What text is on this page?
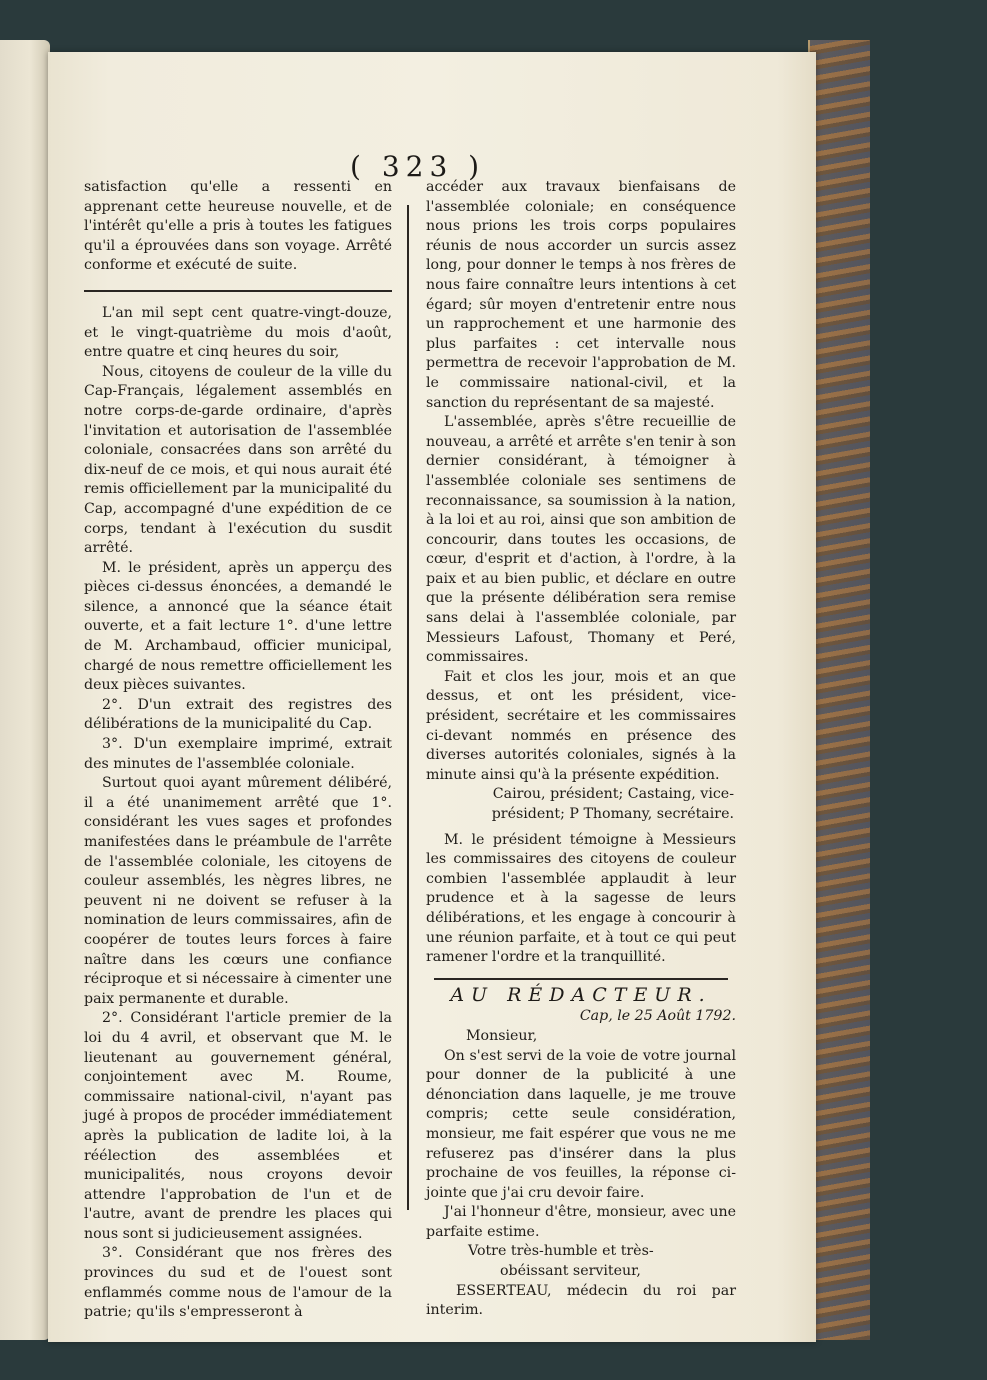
( 323 )

satisfaction qu'elle a ressenti en apprenant cette heureuse nouvelle, et de l'intérêt qu'elle a pris à toutes les fatigues qu'il a éprouvées dans son voyage. Arrêté conforme et exécuté de suite.

L'an mil sept cent quatre-vingt-douze, et le vingt-quatrième du mois d'août, entre quatre et cinq heures du soir,

Nous, citoyens de couleur de la ville du Cap-Français, légalement assemblés en notre corps-de-garde ordinaire, d'après l'invitation et autorisation de l'assemblée coloniale, consacrées dans son arrêté du dix-neuf de ce mois, et qui nous aurait été remis officiellement par la municipalité du Cap, accompagné d'une expédition de ce corps, tendant à l'exécution du susdit arrêté.

M. le président, après un apperçu des pièces ci-dessus énoncées, a demandé le silence, a annoncé que la séance était ouverte, et a fait lecture 1°. d'une lettre de M. Archambaud, officier municipal, chargé de nous remettre officiellement les deux pièces suivantes.

2°. D'un extrait des registres des délibérations de la municipalité du Cap.

3°. D'un exemplaire imprimé, extrait des minutes de l'assemblée coloniale.

Surtout quoi ayant mûrement délibéré, il a été unanimement arrêté que 1°. considérant les vues sages et profondes manifestées dans le préambule de l'arrête de l'assemblée coloniale, les citoyens de couleur assemblés, les nègres libres, ne peuvent ni ne doivent se refuser à la nomination de leurs commissaires, afin de coopérer de toutes leurs forces à faire naître dans les cœurs une confiance réciproque et si nécessaire à cimenter une paix permanente et durable.

2°. Considérant l'article premier de la loi du 4 avril, et observant que M. le lieutenant au gouvernement général, conjointement avec M. Roume, commissaire national-civil, n'ayant pas jugé à propos de procéder immédiatement après la publication de ladite loi, à la réélection des assemblées et municipalités, nous croyons devoir attendre l'approbation de l'un et de l'autre, avant de prendre les places qui nous sont si judicieusement assignées.

3°. Considérant que nos frères des provinces du sud et de l'ouest sont enflammés comme nous de l'amour de la patrie; qu'ils s'empresseront à

accéder aux travaux bienfaisans de l'assemblée coloniale; en conséquence nous prions les trois corps populaires réunis de nous accorder un surcis assez long, pour donner le temps à nos frères de nous faire connaître leurs intentions à cet égard; sûr moyen d'entretenir entre nous un rapprochement et une harmonie des plus parfaites : cet intervalle nous permettra de recevoir l'approbation de M. le commissaire national-civil, et la sanction du représentant de sa majesté.

L'assemblée, après s'être recueillie de nouveau, a arrêté et arrête s'en tenir à son dernier considérant, à témoigner à l'assemblée coloniale ses sentimens de reconnaissance, sa soumission à la nation, à la loi et au roi, ainsi que son ambition de concourir, dans toutes les occasions, de cœur, d'esprit et d'action, à l'ordre, à la paix et au bien public, et déclare en outre que la présente délibération sera remise sans delai à l'assemblée coloniale, par Messieurs Lafoust, Thomany et Peré, commissaires.

Fait et clos les jour, mois et an que dessus, et ont les président, vice-président, secrétaire et les commissaires ci-devant nommés en présence des diverses autorités coloniales, signés à la minute ainsi qu'à la présente expédition.

Cairou, président; Castaing, vice-

président; P Thomany, secrétaire.

M. le président témoigne à Messieurs les commissaires des citoyens de couleur combien l'assemblée applaudit à leur prudence et à la sagesse de leurs délibérations, et les engage à concourir à une réunion parfaite, et à tout ce qui peut ramener l'ordre et la tranquillité.

AU RÉDACTEUR.

Cap, le 25 Août 1792.

Monsieur,

On s'est servi de la voie de votre journal pour donner de la publicité à une dénonciation dans laquelle, je me trouve compris; cette seule considération, monsieur, me fait espérer que vous ne me refuserez pas d'insérer dans la plus prochaine de vos feuilles, la réponse ci-jointe que j'ai cru devoir faire.

J'ai l'honneur d'être, monsieur, avec une parfaite estime.

Votre très-humble et très-

obéissant serviteur,

ESSERTEAU, médecin du roi par interim.
